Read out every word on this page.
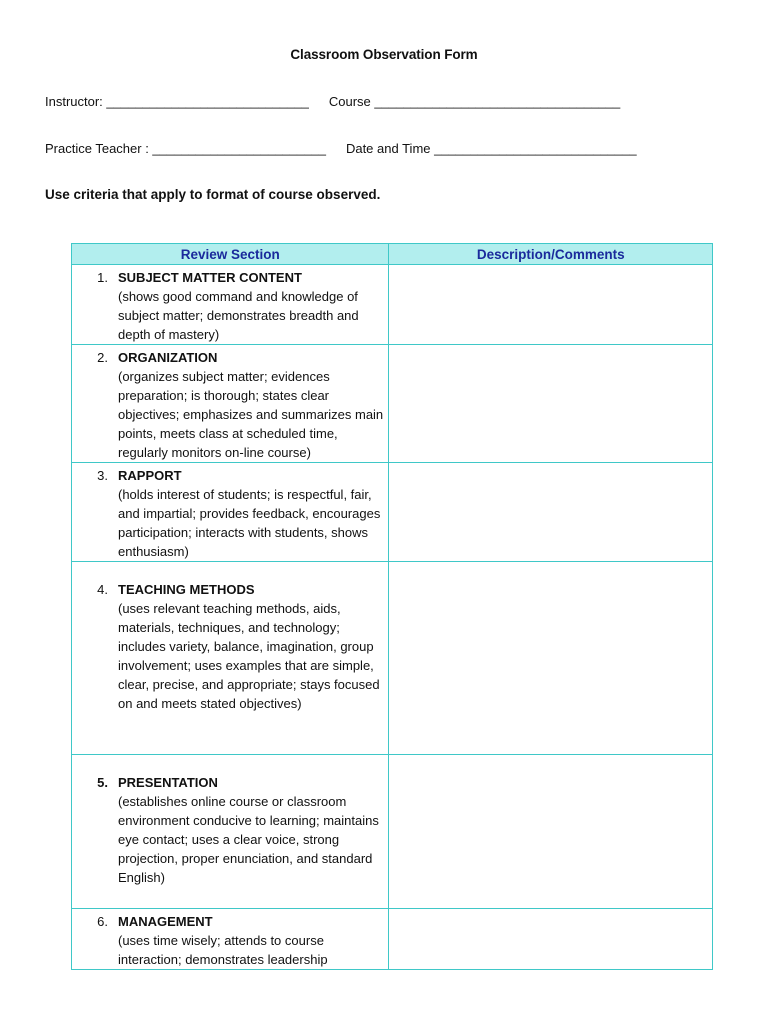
Classroom Observation Form
Instructor: ____________________________ Course __________________________________
Practice Teacher : ________________________ Date and Time ____________________________
Use criteria that apply to format of course observed.
Review Section	Description/Comments

1. SUBJECT MATTER CONTENT
(shows good command and knowledge of subject matter; demonstrates breadth and depth of mastery)	

2. ORGANIZATION
(organizes subject matter; evidences preparation; is thorough; states clear objectives; emphasizes and summarizes main points, meets class at scheduled time, regularly monitors on-line course)	

3. RAPPORT
(holds interest of students; is respectful, fair, and impartial; provides feedback, encourages participation; interacts with students, shows enthusiasm)	

4. TEACHING METHODS
(uses relevant teaching methods, aids, materials, techniques, and technology; includes variety, balance, imagination, group involvement; uses examples that are simple, clear, precise, and appropriate; stays focused on and meets stated objectives)	

5. PRESENTATION
(establishes online course or classroom environment conducive to learning; maintains eye contact; uses a clear voice, strong projection, proper enunciation, and standard English)	

6. MANAGEMENT
(uses time wisely; attends to course interaction; demonstrates leadership	
